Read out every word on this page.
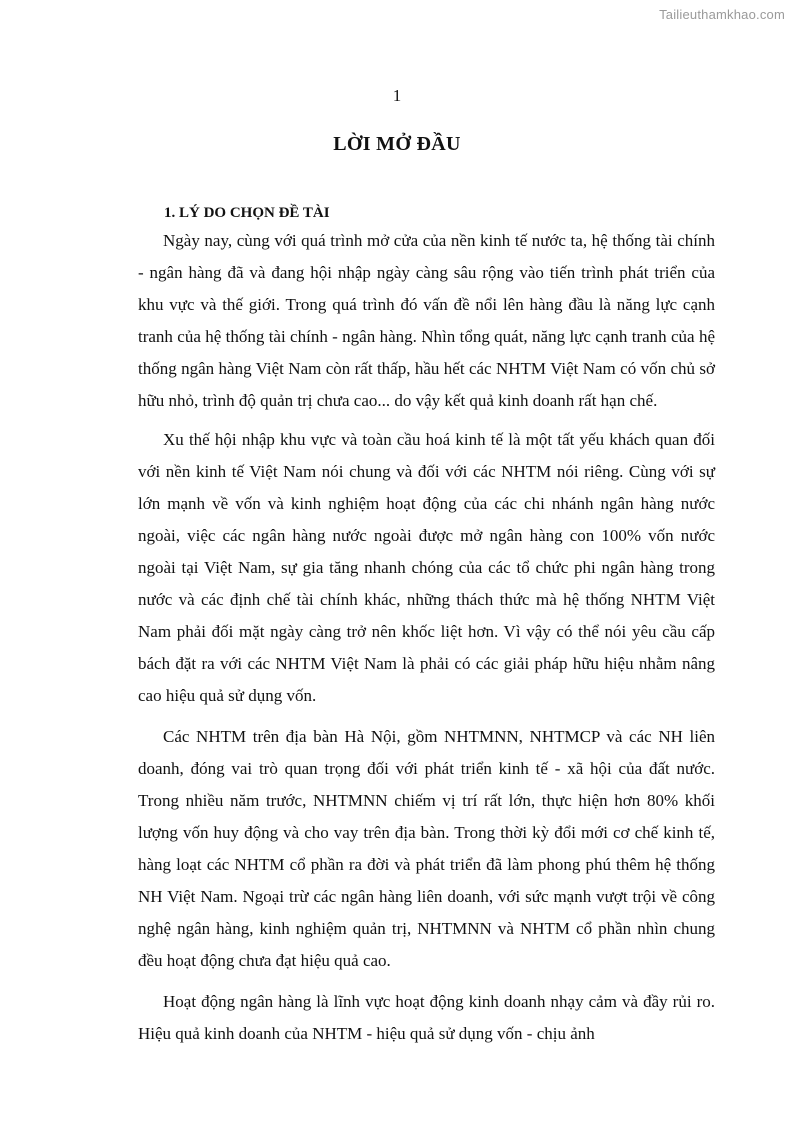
Tailieuthamkhao.com
1
LỜI MỞ ĐẦU
1. LÝ DO CHỌN ĐỀ TÀI

Ngày nay, cùng với quá trình mở cửa của nền kinh tế nước ta, hệ thống tài chính - ngân hàng đã và đang hội nhập ngày càng sâu rộng vào tiến trình phát triển của khu vực và thế giới. Trong quá trình đó vấn đề nổi lên hàng đầu là năng lực cạnh tranh của hệ thống tài chính - ngân hàng. Nhìn tổng quát, năng lực cạnh tranh của hệ thống ngân hàng Việt Nam còn rất thấp, hầu hết các NHTM Việt Nam có vốn chủ sở hữu nhỏ, trình độ quản trị chưa cao... do vậy kết quả kinh doanh rất hạn chế.

Xu thế hội nhập khu vực và toàn cầu hoá kinh tế là một tất yếu khách quan đối với nền kinh tế Việt Nam nói chung và đối với các NHTM nói riêng. Cùng với sự lớn mạnh về vốn và kinh nghiệm hoạt động của các chi nhánh ngân hàng nước ngoài, việc các ngân hàng nước ngoài được mở ngân hàng con 100% vốn nước ngoài tại Việt Nam, sự gia tăng nhanh chóng của các tổ chức phi ngân hàng trong nước và các định chế tài chính khác, những thách thức mà hệ thống NHTM Việt Nam phải đối mặt ngày càng trở nên khốc liệt hơn. Vì vậy có thể nói yêu cầu cấp bách đặt ra với các NHTM Việt Nam là phải có các giải pháp hữu hiệu nhằm nâng cao hiệu quả sử dụng vốn.

Các NHTM trên địa bàn Hà Nội, gồm NHTMNN, NHTMCP và các NH liên doanh, đóng vai trò quan trọng đối với phát triển kinh tế - xã hội của đất nước. Trong nhiều năm trước, NHTMNN chiếm vị trí rất lớn, thực hiện hơn 80% khối lượng vốn huy động và cho vay trên địa bàn. Trong thời kỳ đổi mới cơ chế kinh tế, hàng loạt các NHTM cổ phần ra đời và phát triển đã làm phong phú thêm hệ thống NH Việt Nam. Ngoại trừ các ngân hàng liên doanh, với sức mạnh vượt trội về công nghệ ngân hàng, kinh nghiệm quản trị, NHTMNN và NHTM cổ phần nhìn chung đều hoạt động chưa đạt hiệu quả cao.

Hoạt động ngân hàng là lĩnh vực hoạt động kinh doanh nhạy cảm và đầy rủi ro. Hiệu quả kinh doanh của NHTM - hiệu quả sử dụng vốn - chịu ảnh
